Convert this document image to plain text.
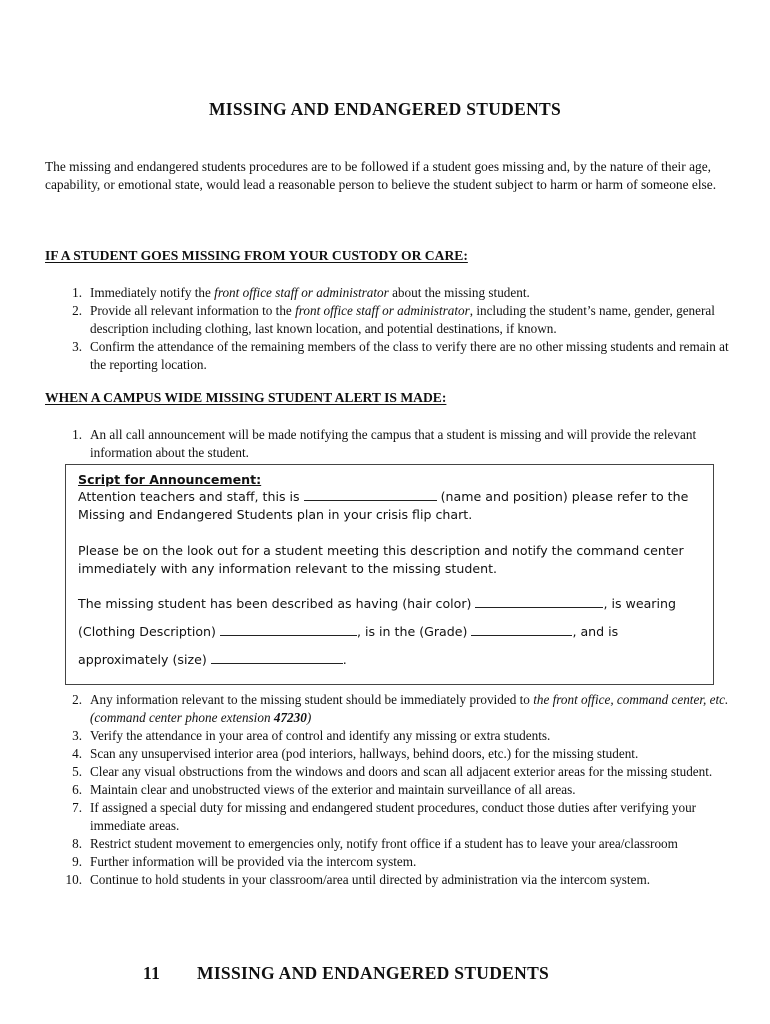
MISSING AND ENDANGERED STUDENTS

The missing and endangered students procedures are to be followed if a student goes missing and, by the nature of their age, capability, or emotional state, would lead a reasonable person to believe the student subject to harm or harm of someone else.

IF A STUDENT GOES MISSING FROM YOUR CUSTODY OR CARE:
1. Immediately notify the front office staff or administrator about the missing student.
2. Provide all relevant information to the front office staff or administrator, including the student’s name, gender, general description including clothing, last known location, and potential destinations, if known.
3. Confirm the attendance of the remaining members of the class to verify there are no other missing students and remain at the reporting location.
WHEN A CAMPUS WIDE MISSING STUDENT ALERT IS MADE:
1. An all call announcement will be made notifying the campus that a student is missing and will provide the relevant information about the student.
Script for Announcement:
Attention teachers and staff, this is	(name and position) please refer to the Missing and Endangered Students plan in your crisis flip chart.
Please be on the look out for a student meeting this description and notify the command center immediately with any information relevant to the missing student.
The missing student has been described as having (hair color)	, is wearing
(Clothing Description)	, is in the (Grade)	, and is
approximately (size)	.
2. Any information relevant to the missing student should be immediately provided to the front office, command center, etc. (command center phone extension 47230)
3. Verify the attendance in your area of control and identify any missing or extra students.
4. Scan any unsupervised interior area (pod interiors, hallways, behind doors, etc.) for the missing student.
5. Clear any visual obstructions from the windows and doors and scan all adjacent exterior areas for the missing student.
6. Maintain clear and unobstructed views of the exterior and maintain surveillance of all areas.
7. If assigned a special duty for missing and endangered student procedures, conduct those duties after verifying your immediate areas.
8. Restrict student movement to emergencies only, notify front office if a student has to leave your area/classroom
9. Further information will be provided via the intercom system.
10. Continue to hold students in your classroom/area until directed by administration via the intercom system.
11 MISSING AND ENDANGERED STUDENTS
